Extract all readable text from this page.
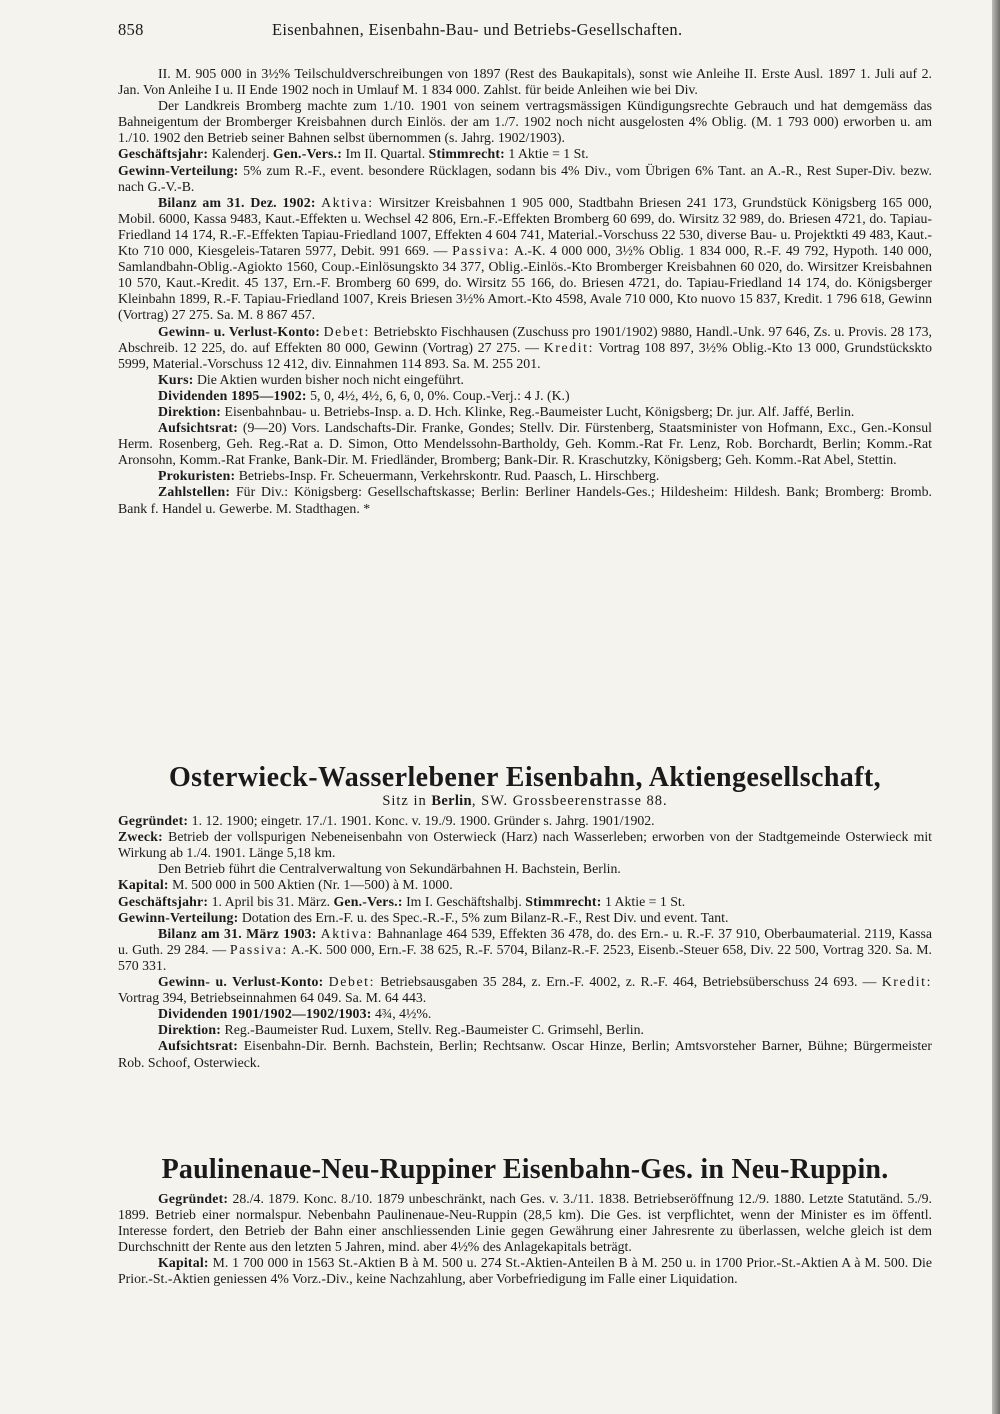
858	Eisenbahnen, Eisenbahn-Bau- und Betriebs-Gesellschaften.

II. M. 905 000 in 3½% Teilschuldverschreibungen von 1897 (Rest des Baukapitals), sonst wie Anleihe II. Erste Ausl. 1897 1. Juli auf 2. Jan. Von Anleihe I u. II Ende 1902 noch in Umlauf M. 1 834 000. Zahlst. für beide Anleihen wie bei Div.

Der Landkreis Bromberg machte zum 1./10. 1901 von seinem vertragsmässigen Kündigungsrechte Gebrauch und hat demgemäss das Bahneigentum der Bromberger Kreisbahnen durch Einlös. der am 1./7. 1902 noch nicht ausgelosten 4% Oblig. (M. 1 793 000) erworben u. am 1./10. 1902 den Betrieb seiner Bahnen selbst übernommen (s. Jahrg. 1902/1903).

Geschäftsjahr: Kalenderj. Gen.-Vers.: Im II. Quartal. Stimmrecht: 1 Aktie = 1 St.

Gewinn-Verteilung: 5% zum R.-F., event. besondere Rücklagen, sodann bis 4% Div., vom Übrigen 6% Tant. an A.-R., Rest Super-Div. bezw. nach G.-V.-B.

Bilanz am 31. Dez. 1902: Aktiva: Wirsitzer Kreisbahnen 1 905 000, Stadtbahn Briesen 241 173, Grundstück Königsberg 165 000, Mobil. 6000, Kassa 9483, Kaut.-Effekten u. Wechsel 42 806, Ern.-F.-Effekten Bromberg 60 699, do. Wirsitz 32 989, do. Briesen 4721, do. Tapiau-Friedland 14 174, R.-F.-Effekten Tapiau-Friedland 1007, Effekten 4 604 741, Material.-Vorschuss 22 530, diverse Bau- u. Projektkti 49 483, Kaut.-Kto 710 000, Kiesgeleis-Tataren 5977, Debit. 991 669. — Passiva: A.-K. 4 000 000, 3½% Oblig. 1 834 000, R.-F. 49 792, Hypoth. 140 000, Samlandbahn-Oblig.-Agiokto 1560, Coup.-Einlösungskto 34 377, Oblig.-Einlös.-Kto Bromberger Kreisbahnen 60 020, do. Wirsitzer Kreisbahnen 10 570, Kaut.-Kredit. 45 137, Ern.-F. Bromberg 60 699, do. Wirsitz 55 166, do. Briesen 4721, do. Tapiau-Friedland 14 174, do. Königsberger Kleinbahn 1899, R.-F. Tapiau-Friedland 1007, Kreis Briesen 3½% Amort.-Kto 4598, Avale 710 000, Kto nuovo 15 837, Kredit. 1 796 618, Gewinn (Vortrag) 27 275. Sa. M. 8 867 457.

Gewinn- u. Verlust-Konto: Debet: Betriebskto Fischhausen (Zuschuss pro 1901/1902) 9880, Handl.-Unk. 97 646, Zs. u. Provis. 28 173, Abschreib. 12 225, do. auf Effekten 80 000, Gewinn (Vortrag) 27 275. — Kredit: Vortrag 108 897, 3½% Oblig.-Kto 13 000, Grundstückskto 5999, Material.-Vorschuss 12 412, div. Einnahmen 114 893. Sa. M. 255 201.

Kurs: Die Aktien wurden bisher noch nicht eingeführt.

Dividenden 1895—1902: 5, 0, 4½, 4½, 6, 6, 0, 0%. Coup.-Verj.: 4 J. (K.)

Direktion: Eisenbahnbau- u. Betriebs-Insp. a. D. Hch. Klinke, Reg.-Baumeister Lucht, Königsberg; Dr. jur. Alf. Jaffé, Berlin.

Aufsichtsrat: (9—20) Vors. Landschafts-Dir. Franke, Gondes; Stellv. Dir. Fürstenberg, Staatsminister von Hofmann, Exc., Gen.-Konsul Herm. Rosenberg, Geh. Reg.-Rat a. D. Simon, Otto Mendelssohn-Bartholdy, Geh. Komm.-Rat Fr. Lenz, Rob. Borchardt, Berlin; Komm.-Rat Aronsohn, Komm.-Rat Franke, Bank-Dir. M. Friedländer, Bromberg; Bank-Dir. R. Kraschutzky, Königsberg; Geh. Komm.-Rat Abel, Stettin.

Prokuristen: Betriebs-Insp. Fr. Scheuermann, Verkehrskontr. Rud. Paasch, L. Hirschberg.

Zahlstellen: Für Div.: Königsberg: Gesellschaftskasse; Berlin: Berliner Handels-Ges.; Hildesheim: Hildesh. Bank; Bromberg: Bromb. Bank f. Handel u. Gewerbe. M. Stadthagen. *

Osterwieck-Wasserlebener Eisenbahn, Aktiengesellschaft,
Sitz in Berlin, SW. Grossbeerenstrasse 88.

Gegründet: 1. 12. 1900; eingetr. 17./1. 1901. Konc. v. 19./9. 1900. Gründer s. Jahrg. 1901/1902.

Zweck: Betrieb der vollspurigen Nebeneisenbahn von Osterwieck (Harz) nach Wasserleben; erworben von der Stadtgemeinde Osterwieck mit Wirkung ab 1./4. 1901. Länge 5,18 km.

Den Betrieb führt die Centralverwaltung von Sekundärbahnen H. Bachstein, Berlin.

Kapital: M. 500 000 in 500 Aktien (Nr. 1—500) à M. 1000.

Geschäftsjahr: 1. April bis 31. März. Gen.-Vers.: Im I. Geschäftshalbj. Stimmrecht: 1 Aktie = 1 St.

Gewinn-Verteilung: Dotation des Ern.-F. u. des Spec.-R.-F., 5% zum Bilanz-R.-F., Rest Div. und event. Tant.

Bilanz am 31. März 1903: Aktiva: Bahnanlage 464 539, Effekten 36 478, do. des Ern.- u. R.-F. 37 910, Oberbaumaterial. 2119, Kassa u. Guth. 29 284. — Passiva: A.-K. 500 000, Ern.-F. 38 625, R.-F. 5704, Bilanz-R.-F. 2523, Eisenb.-Steuer 658, Div. 22 500, Vortrag 320. Sa. M. 570 331.

Gewinn- u. Verlust-Konto: Debet: Betriebsausgaben 35 284, z. Ern.-F. 4002, z. R.-F. 464, Betriebsüberschuss 24 693. — Kredit: Vortrag 394, Betriebseinnahmen 64 049. Sa. M. 64 443.

Dividenden 1901/1902—1902/1903: 4¾, 4½%.

Direktion: Reg.-Baumeister Rud. Luxem, Stellv. Reg.-Baumeister C. Grimsehl, Berlin.

Aufsichtsrat: Eisenbahn-Dir. Bernh. Bachstein, Berlin; Rechtsanw. Oscar Hinze, Berlin; Amtsvorsteher Barner, Bühne; Bürgermeister Rob. Schoof, Osterwieck.

Paulinenaue-Neu-Ruppiner Eisenbahn-Ges. in Neu-Ruppin.

Gegründet: 28./4. 1879. Konc. 8./10. 1879 unbeschränkt, nach Ges. v. 3./11. 1838. Betriebseröffnung 12./9. 1880. Letzte Statutänd. 5./9. 1899. Betrieb einer normalspur. Nebenbahn Paulinenaue-Neu-Ruppin (28,5 km). Die Ges. ist verpflichtet, wenn der Minister es im öffentl. Interesse fordert, den Betrieb der Bahn einer anschliessenden Linie gegen Gewährung einer Jahresrente zu überlassen, welche gleich ist dem Durchschnitt der Rente aus den letzten 5 Jahren, mind. aber 4½% des Anlagekapitals beträgt.

Kapital: M. 1 700 000 in 1563 St.-Aktien B à M. 500 u. 274 St.-Aktien-Anteilen B à M. 250 u. in 1700 Prior.-St.-Aktien A à M. 500. Die Prior.-St.-Aktien geniessen 4% Vorz.-Div., keine Nachzahlung, aber Vorbefriedigung im Falle einer Liquidation.
